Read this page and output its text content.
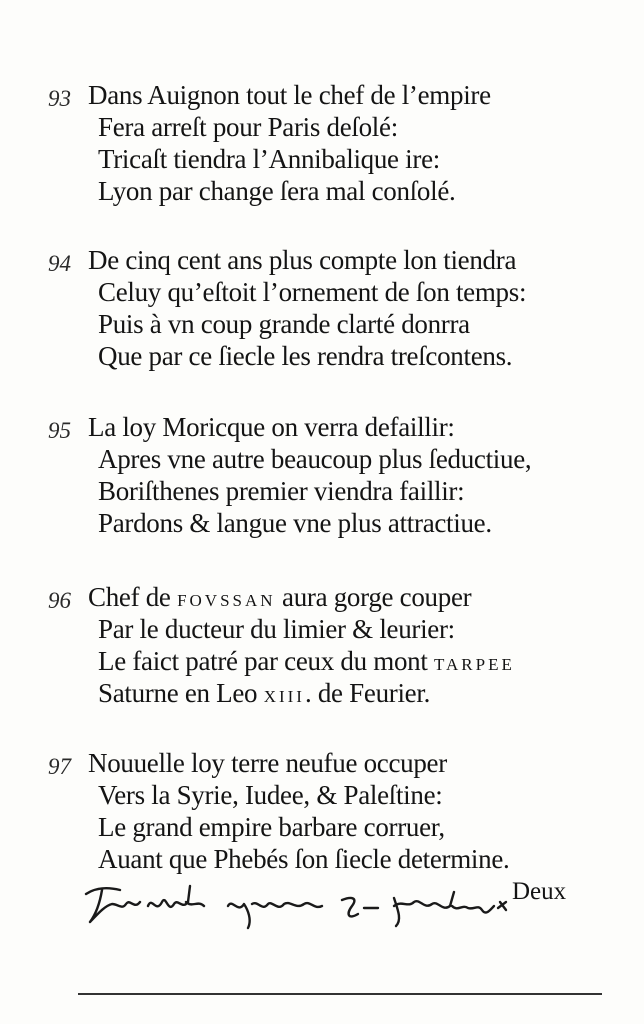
93 Dans Auignon tout le chef de l’empire
Fera arreſt pour Paris deſolé:
Tricaſt tiendra l’Annibalique ire:
Lyon par change ſera mal conſolé.
94 De cinq cent ans plus compte lon tiendra
Celuy qu’eſtoit l’ornement de ſon temps:
Puis à vn coup grande clarté donrra
Que par ce ſiecle les rendra treſcontens.
95 La loy Moricque on verra defaillir:
Apres vne autre beaucoup plus ſeductiue,
Boriſthenes premier viendra faillir:
Pardons & langue vne plus attractiue.
96 Chef de FOVSSAN aura gorge couper
Par le ducteur du limier & leurier:
Le faict patré par ceux du mont TARPEE
Saturne en Leo XIII. de Feurier.
97 Nouuelle loy terre neufue occuper
Vers la Syrie, Iudee, & Paleſtine:
Le grand empire barbare corruer,
Auant que Phebés ſon ſiecle determine.
Deux
